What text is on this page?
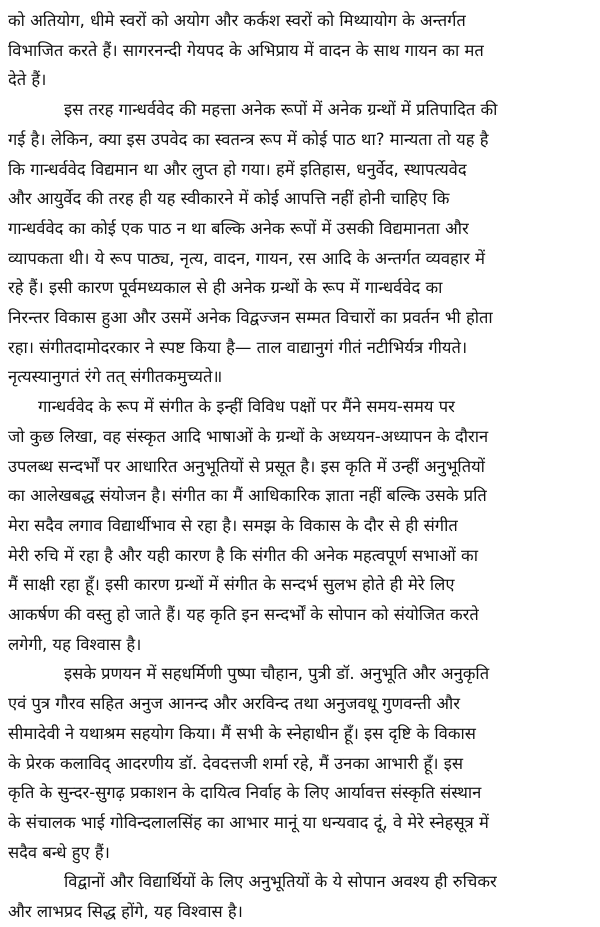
को अतियोग, धीमे स्वरों को अयोग और कर्कश स्वरों को मिथ्यायोग के अन्तर्गत
विभाजित करते हैं। सागरनन्दी गेयपद के अभिप्राय में वादन के साथ गायन का मत
देते हैं।

इस तरह गान्धर्ववेद की महत्ता अनेक रूपों में अनेक ग्रन्थों में प्रतिपादित की
गई है। लेकिन, क्या इस उपवेद का स्वतन्त्र रूप में कोई पाठ था? मान्यता तो यह है
कि गान्धर्ववेद विद्यमान था और लुप्त हो गया। हमें इतिहास, धनुर्वेद, स्थापत्यवेद
और आयुर्वेद की तरह ही यह स्वीकारने में कोई आपत्ति नहीं होनी चाहिए कि
गान्धर्ववेद का कोई एक पाठ न था बल्कि अनेक रूपों में उसकी विद्यमानता और
व्यापकता थी। ये रूप पाठ्य, नृत्य, वादन, गायन, रस आदि के अन्तर्गत व्यवहार में
रहे हैं। इसी कारण पूर्वमध्यकाल से ही अनेक ग्रन्थों के रूप में गान्धर्ववेद का
निरन्तर विकास हुआ और उसमें अनेक विद्वज्जन सम्मत विचारों का प्रवर्तन भी होता
रहा। संगीतदामोदरकार ने स्पष्ट किया है— ताल वाद्यानुगं गीतं नटीभिर्यत्र गीयते।
नृत्यस्यानुगतं रंगे तत् संगीतकमुच्यते॥

गान्धर्ववेद के रूप में संगीत के इन्हीं विविध पक्षों पर मैंने समय-समय पर
जो कुछ लिखा, वह संस्कृत आदि भाषाओं के ग्रन्थों के अध्ययन-अध्यापन के दौरान
उपलब्ध सन्दर्भों पर आधारित अनुभूतियों से प्रसूत है। इस कृति में उन्हीं अनुभूतियों
का आलेखबद्ध संयोजन है। संगीत का मैं आधिकारिक ज्ञाता नहीं बल्कि उसके प्रति
मेरा सदैव लगाव विद्यार्थीभाव से रहा है। समझ के विकास के दौर से ही संगीत
मेरी रुचि में रहा है और यही कारण है कि संगीत की अनेक महत्वपूर्ण सभाओं का
मैं साक्षी रहा हूँ। इसी कारण ग्रन्थों में संगीत के सन्दर्भ सुलभ होते ही मेरे लिए
आकर्षण की वस्तु हो जाते हैं। यह कृति इन सन्दर्भों के सोपान को संयोजित करते
लगेगी, यह विश्वास है।

इसके प्रणयन में सहधर्मिणी पुष्पा चौहान, पुत्री डॉ. अनुभूति और अनुकृति
एवं पुत्र गौरव सहित अनुज आनन्द और अरविन्द तथा अनुजवधू गुणवन्ती और
सीमादेवी ने यथाश्रम सहयोग किया। मैं सभी के स्नेहाधीन हूँ। इस दृष्टि के विकास
के प्रेरक कलाविद् आदरणीय डॉ. देवदत्तजी शर्मा रहे, मैं उनका आभारी हूँ। इस
कृति के सुन्दर-सुगढ़ प्रकाशन के दायित्व निर्वाह के लिए आर्यावत्त संस्कृति संस्थान
के संचालक भाई गोविन्दलालसिंह का आभार मानूं या धन्यवाद दूं, वे मेरे स्नेहसूत्र में
सदैव बन्धे हुए हैं।

विद्वानों और विद्यार्थियों के लिए अनुभूतियों के ये सोपान अवश्य ही रुचिकर
और लाभप्रद सिद्ध होंगे, यह विश्वास है।
